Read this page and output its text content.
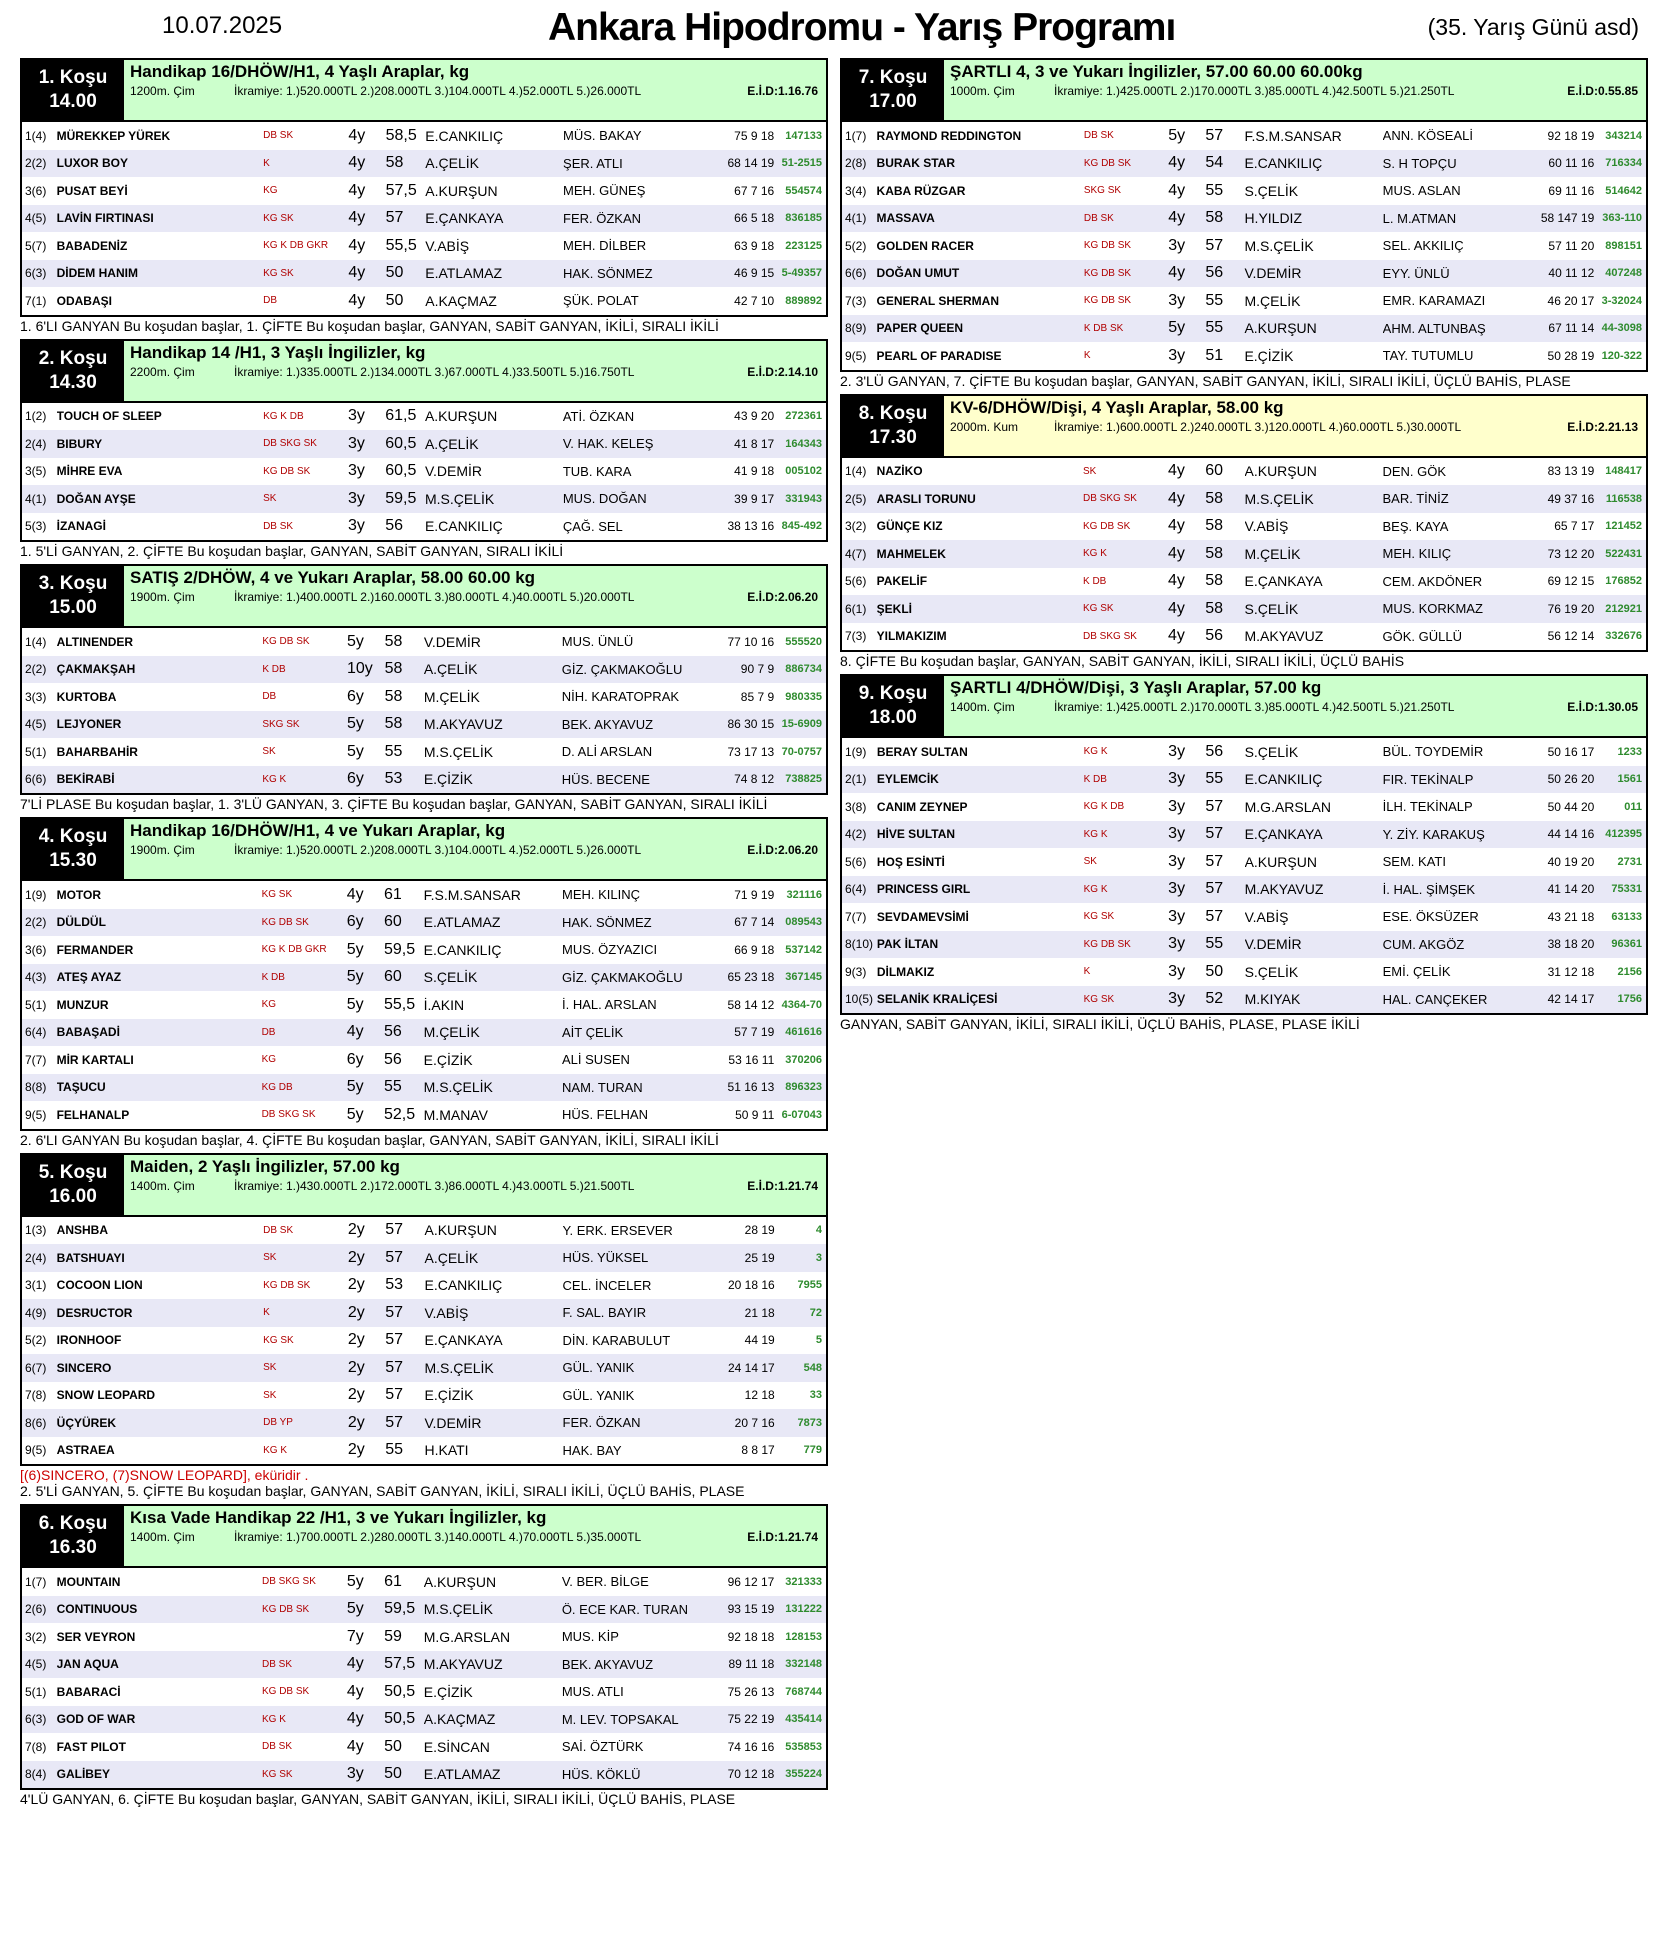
10.07.2025	Ankara Hipodromu - Yarış Programı	(35. Yarış Günü asd)
1. Koşu
14.00
Handikap 16/DHÖW/H1, 4 Yaşlı Araplar, kg
1200m. Çim	İkramiye: 1.)520.000TL 2.)208.000TL 3.)104.000TL 4.)52.000TL 5.)26.000TL	E.İ.D:1.16.76
1(4)	MÜREKKEP YÜREK	DB SK	4y	58,5	E.CANKILIÇ	MÜS. BAKAY	75 9 18	147133
2(2)	LUXOR BOY	K	4y	58	A.ÇELİK	ŞER. ATLI	68 14 19	51-2515
3(6)	PUSAT BEYİ	KG	4y	57,5	A.KURŞUN	MEH. GÜNEŞ	67 7 16	554574
4(5)	LAVİN FIRTINASI	KG SK	4y	57	E.ÇANKAYA	FER. ÖZKAN	66 5 18	836185
5(7)	BABADENİZ	KG K DB GKR	4y	55,5	V.ABİŞ	MEH. DİLBER	63 9 18	223125
6(3)	DİDEM HANIM	KG SK	4y	50	E.ATLAMAZ	HAK. SÖNMEZ	46 9 15	5-49357
7(1)	ODABAŞI	DB	4y	50	A.KAÇMAZ	ŞÜK. POLAT	42 7 10	889892
1. 6'LI GANYAN Bu koşudan başlar, 1. ÇİFTE Bu koşudan başlar, GANYAN, SABİT GANYAN, İKİLİ, SIRALI İKİLİ
2. Koşu
14.30
Handikap 14 /H1, 3 Yaşlı İngilizler, kg
2200m. Çim	İkramiye: 1.)335.000TL 2.)134.000TL 3.)67.000TL 4.)33.500TL 5.)16.750TL	E.İ.D:2.14.10
1(2)	TOUCH OF SLEEP	KG K DB	3y	61,5	A.KURŞUN	ATİ. ÖZKAN	43 9 20	272361
2(4)	BIBURY	DB SKG SK	3y	60,5	A.ÇELİK	V. HAK. KELEŞ	41 8 17	164343
3(5)	MİHRE EVA	KG DB SK	3y	60,5	V.DEMİR	TUB. KARA	41 9 18	005102
4(1)	DOĞAN AYŞE	SK	3y	59,5	M.S.ÇELİK	MUS. DOĞAN	39 9 17	331943
5(3)	İZANAGİ	DB SK	3y	56	E.CANKILIÇ	ÇAĞ. SEL	38 13 16	845-492
1. 5'Lİ GANYAN, 2. ÇİFTE Bu koşudan başlar, GANYAN, SABİT GANYAN, SIRALI İKİLİ
3. Koşu
15.00
SATIŞ 2/DHÖW, 4 ve Yukarı Araplar, 58.00 60.00 kg
1900m. Çim	İkramiye: 1.)400.000TL 2.)160.000TL 3.)80.000TL 4.)40.000TL 5.)20.000TL	E.İ.D:2.06.20
1(4)	ALTINENDER	KG DB SK	5y	58	V.DEMİR	MUS. ÜNLÜ	77 10 16	555520
2(2)	ÇAKMAKŞAH	K DB	10y	58	A.ÇELİK	GİZ. ÇAKMAKOĞLU	90 7 9	886734
3(3)	KURTOBA	DB	6y	58	M.ÇELİK	NİH. KARATOPRAK	85 7 9	980335
4(5)	LEJYONER	SKG SK	5y	58	M.AKYAVUZ	BEK. AKYAVUZ	86 30 15	15-6909
5(1)	BAHARBAHİR	SK	5y	55	M.S.ÇELİK	D. ALİ ARSLAN	73 17 13	70-0757
6(6)	BEKİRABİ	KG K	6y	53	E.ÇİZİK	HÜS. BECENE	74 8 12	738825
7'Lİ PLASE Bu koşudan başlar, 1. 3'LÜ GANYAN, 3. ÇİFTE Bu koşudan başlar, GANYAN, SABİT GANYAN, SIRALI İKİLİ
4. Koşu
15.30
Handikap 16/DHÖW/H1, 4 ve Yukarı Araplar, kg
1900m. Çim	İkramiye: 1.)520.000TL 2.)208.000TL 3.)104.000TL 4.)52.000TL 5.)26.000TL	E.İ.D:2.06.20
1(9)	MOTOR	KG SK	4y	61	F.S.M.SANSAR	MEH. KILINÇ	71 9 19	321116
2(2)	DÜLDÜL	KG DB SK	6y	60	E.ATLAMAZ	HAK. SÖNMEZ	67 7 14	089543
3(6)	FERMANDER	KG K DB GKR	5y	59,5	E.CANKILIÇ	MUS. ÖZYAZICI	66 9 18	537142
4(3)	ATEŞ AYAZ	K DB	5y	60	S.ÇELİK	GİZ. ÇAKMAKOĞLU	65 23 18	367145
5(1)	MUNZUR	KG	5y	55,5	İ.AKIN	İ. HAL. ARSLAN	58 14 12	4364-70
6(4)	BABAŞADİ	DB	4y	56	M.ÇELİK	AİT ÇELİK	57 7 19	461616
7(7)	MİR KARTALI	KG	6y	56	E.ÇİZİK	ALİ SUSEN	53 16 11	370206
8(8)	TAŞUCU	KG DB	5y	55	M.S.ÇELİK	NAM. TURAN	51 16 13	896323
9(5)	FELHANALP	DB SKG SK	5y	52,5	M.MANAV	HÜS. FELHAN	50 9 11	6-07043
2. 6'LI GANYAN Bu koşudan başlar, 4. ÇİFTE Bu koşudan başlar, GANYAN, SABİT GANYAN, İKİLİ, SIRALI İKİLİ
5. Koşu
16.00
Maiden, 2 Yaşlı İngilizler, 57.00 kg
1400m. Çim	İkramiye: 1.)430.000TL 2.)172.000TL 3.)86.000TL 4.)43.000TL 5.)21.500TL	E.İ.D:1.21.74
1(3)	ANSHBA	DB SK	2y	57	A.KURŞUN	Y. ERK. ERSEVER	28 19	4
2(4)	BATSHUAYI	SK	2y	57	A.ÇELİK	HÜS. YÜKSEL	25 19	3
3(1)	COCOON LION	KG DB SK	2y	53	E.CANKILIÇ	CEL. İNCELER	20 18 16	7955
4(9)	DESRUCTOR	K	2y	57	V.ABİŞ	F. SAL. BAYIR	21 18	72
5(2)	IRONHOOF	KG SK	2y	57	E.ÇANKAYA	DİN. KARABULUT	44 19	5
6(7)	SINCERO	SK	2y	57	M.S.ÇELİK	GÜL. YANIK	24 14 17	548
7(8)	SNOW LEOPARD	SK	2y	57	E.ÇİZİK	GÜL. YANIK	12 18	33
8(6)	ÜÇYÜREK	DB YP	2y	57	V.DEMİR	FER. ÖZKAN	20 7 16	7873
9(5)	ASTRAEA	KG K	2y	55	H.KATI	HAK. BAY	8 8 17	779
[(6)SINCERO, (7)SNOW LEOPARD], eküridir .
2. 5'Lİ GANYAN, 5. ÇİFTE Bu koşudan başlar, GANYAN, SABİT GANYAN, İKİLİ, SIRALI İKİLİ, ÜÇLÜ BAHİS, PLASE
6. Koşu
16.30
Kısa Vade Handikap 22 /H1, 3 ve Yukarı İngilizler, kg
1400m. Çim	İkramiye: 1.)700.000TL 2.)280.000TL 3.)140.000TL 4.)70.000TL 5.)35.000TL	E.İ.D:1.21.74
1(7)	MOUNTAIN	DB SKG SK	5y	61	A.KURŞUN	V. BER. BİLGE	96 12 17	321333
2(6)	CONTINUOUS	KG DB SK	5y	59,5	M.S.ÇELİK	Ö. ECE KAR. TURAN	93 15 19	131222
3(2)	SER VEYRON		7y	59	M.G.ARSLAN	MUS. KİP	92 18 18	128153
4(5)	JAN AQUA	DB SK	4y	57,5	M.AKYAVUZ	BEK. AKYAVUZ	89 11 18	332148
5(1)	BABARACİ	KG DB SK	4y	50,5	E.ÇİZİK	MUS. ATLI	75 26 13	768744
6(3)	GOD OF WAR	KG K	4y	50,5	A.KAÇMAZ	M. LEV. TOPSAKAL	75 22 19	435414
7(8)	FAST PILOT	DB SK	4y	50	E.SİNCAN	SAİ. ÖZTÜRK	74 16 16	535853
8(4)	GALİBEY	KG SK	3y	50	E.ATLAMAZ	HÜS. KÖKLÜ	70 12 18	355224
4'LÜ GANYAN, 6. ÇİFTE Bu koşudan başlar, GANYAN, SABİT GANYAN, İKİLİ, SIRALI İKİLİ, ÜÇLÜ BAHİS, PLASE
7. Koşu
17.00
ŞARTLI 4, 3 ve Yukarı İngilizler, 57.00 60.00 60.00kg
1000m. Çim	İkramiye: 1.)425.000TL 2.)170.000TL 3.)85.000TL 4.)42.500TL 5.)21.250TL	E.İ.D:0.55.85
1(7)	RAYMOND REDDINGTON	DB SK	5y	57	F.S.M.SANSAR	ANN. KÖSEALİ	92 18 19	343214
2(8)	BURAK STAR	KG DB SK	4y	54	E.CANKILIÇ	S. H TOPÇU	60 11 16	716334
3(4)	KABA RÜZGAR	SKG SK	4y	55	S.ÇELİK	MUS. ASLAN	69 11 16	514642
4(1)	MASSAVA	DB SK	4y	58	H.YILDIZ	L. M.ATMAN	58 147 19	363-110
5(2)	GOLDEN RACER	KG DB SK	3y	57	M.S.ÇELİK	SEL. AKKILIÇ	57 11 20	898151
6(6)	DOĞAN UMUT	KG DB SK	4y	56	V.DEMİR	EYY. ÜNLÜ	40 11 12	407248
7(3)	GENERAL SHERMAN	KG DB SK	3y	55	M.ÇELİK	EMR. KARAMAZI	46 20 17	3-32024
8(9)	PAPER QUEEN	K DB SK	5y	55	A.KURŞUN	AHM. ALTUNBAŞ	67 11 14	44-3098
9(5)	PEARL OF PARADISE	K	3y	51	E.ÇİZİK	TAY. TUTUMLU	50 28 19	120-322
2. 3'LÜ GANYAN, 7. ÇİFTE Bu koşudan başlar, GANYAN, SABİT GANYAN, İKİLİ, SIRALI İKİLİ, ÜÇLÜ BAHİS, PLASE
8. Koşu
17.30
KV-6/DHÖW/Dişi, 4 Yaşlı Araplar, 58.00 kg
2000m. Kum	İkramiye: 1.)600.000TL 2.)240.000TL 3.)120.000TL 4.)60.000TL 5.)30.000TL	E.İ.D:2.21.13
1(4)	NAZİKO	SK	4y	60	A.KURŞUN	DEN. GÖK	83 13 19	148417
2(5)	ARASLI TORUNU	DB SKG SK	4y	58	M.S.ÇELİK	BAR. TİNİZ	49 37 16	116538
3(2)	GÜNÇE KIZ	KG DB SK	4y	58	V.ABİŞ	BEŞ. KAYA	65 7 17	121452
4(7)	MAHMELEK	KG K	4y	58	M.ÇELİK	MEH. KILIÇ	73 12 20	522431
5(6)	PAKELİF	K DB	4y	58	E.ÇANKAYA	CEM. AKDÖNER	69 12 15	176852
6(1)	ŞEKLİ	KG SK	4y	58	S.ÇELİK	MUS. KORKMAZ	76 19 20	212921
7(3)	YILMAKIZIM	DB SKG SK	4y	56	M.AKYAVUZ	GÖK. GÜLLÜ	56 12 14	332676
8. ÇİFTE Bu koşudan başlar, GANYAN, SABİT GANYAN, İKİLİ, SIRALI İKİLİ, ÜÇLÜ BAHİS
9. Koşu
18.00
ŞARTLI 4/DHÖW/Dişi, 3 Yaşlı Araplar, 57.00 kg
1400m. Çim	İkramiye: 1.)425.000TL 2.)170.000TL 3.)85.000TL 4.)42.500TL 5.)21.250TL	E.İ.D:1.30.05
1(9)	BERAY SULTAN	KG K	3y	56	S.ÇELİK	BÜL. TOYDEMİR	50 16 17	1233
2(1)	EYLEMCİK	K DB	3y	55	E.CANKILIÇ	FIR. TEKİNALP	50 26 20	1561
3(8)	CANIM ZEYNEP	KG K DB	3y	57	M.G.ARSLAN	İLH. TEKİNALP	50 44 20	011
4(2)	HİVE SULTAN	KG K	3y	57	E.ÇANKAYA	Y. ZİY. KARAKUŞ	44 14 16	412395
5(6)	HOŞ ESİNTİ	SK	3y	57	A.KURŞUN	SEM. KATI	40 19 20	2731
6(4)	PRINCESS GIRL	KG K	3y	57	M.AKYAVUZ	İ. HAL. ŞİMŞEK	41 14 20	75331
7(7)	SEVDAMEVSİMİ	KG SK	3y	57	V.ABİŞ	ESE. ÖKSÜZER	43 21 18	63133
8(10)	PAK İLTAN	KG DB SK	3y	55	V.DEMİR	CUM. AKGÖZ	38 18 20	96361
9(3)	DİLMAKIZ	K	3y	50	S.ÇELİK	EMİ. ÇELİK	31 12 18	2156
10(5)	SELANİK KRALİÇESİ	KG SK	3y	52	M.KIYAK	HAL. CANÇEKER	42 14 17	1756
GANYAN, SABİT GANYAN, İKİLİ, SIRALI İKİLİ, ÜÇLÜ BAHİS, PLASE, PLASE İKİLİ
